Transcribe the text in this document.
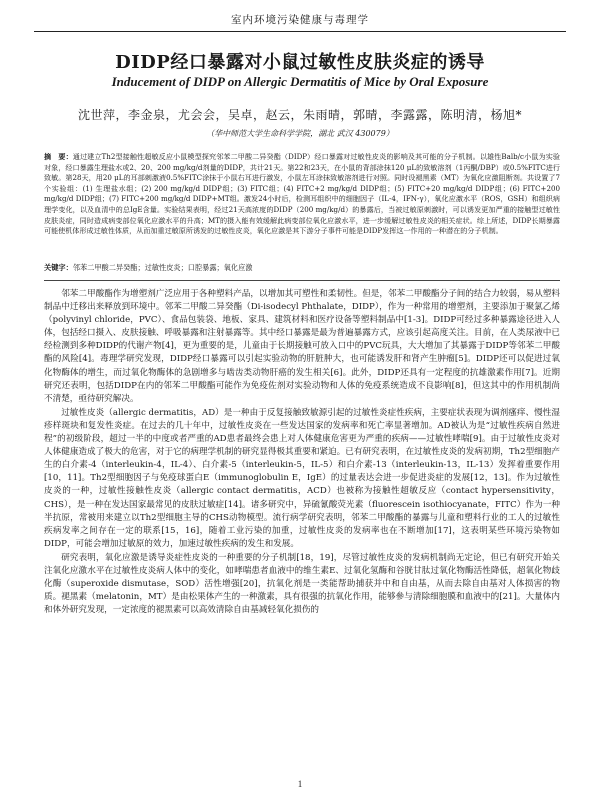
室内环境污染健康与毒理学
DIDP经口暴露对小鼠过敏性皮肤炎症的诱导
Inducement of DIDP on Allergic Dermatitis of Mice by Oral Exposure
沈世萍，李金泉，尤会会，吴卓，赵云，朱雨晴，郭晴，李露露，陈明清，杨旭*
（华中师范大学生命科学学院，湖北 武汉 430079）

摘　要：通过建立Th2型接触性超敏反应小鼠模型探究邻苯二甲酸二异癸酯（DIDP）经口暴露对过敏性皮炎的影响及其可能的分子机制。以雄性Balb/c小鼠为实验对象，经口暴露生理盐水或2、20、200 mg/kg/d剂量的DIDP，共计21天。第22和23天，在小鼠的背部涂抹120 μL的致敏溶剂（1丙酮/DBP）或0.5%FITC进行致敏。第28天，用20 μL的耳部刺激液0.5%FITC涂抹于小鼠右耳进行激发，小鼠左耳涂抹致敏溶剂进行对照。同时设褪黑素（MT）为氧化应激阻断剂。共设置了7个实验组：(1) 生理盐水组；(2) 200 mg/kg/d DIDP组；(3) FITC组；(4) FITC+2 mg/kg/d DIDP组；(5) FITC+20 mg/kg/d DIDP组；(6) FITC+200 mg/kg/d DIDP组；(7) FITC+200 mg/kg/d DIDP+MT组。激发24小时后，检测耳组织中的细胞因子（IL-4，IFN-γ），氧化应激水平（ROS，GSH）和组织病理学变化，以及血清中的总IgE含量。实验结果表明，经过21天高浓度的DIDP（200 mg/kg/d）的暴露后，当被过敏原刺激时，可以诱发更加严重的接触型过敏性皮肤炎症，同时造成病变部位氧化应激水平的升高；MT的摄入能有效缓解此病变部位氧化应激水平，进一步缓解过敏性皮炎的相关症状。综上所述，DIDP长期暴露可能使机体形成过敏性体质，从而加重过敏原所诱发的过敏性皮炎，氧化应激是其下游分子事件可能是DIDP发挥这一作用的一种潜在的分子机制。

关键字：邻苯二甲酸二异癸酯；过敏性皮炎；口腔暴露；氧化应激

邻苯二甲酸酯作为增塑剂广泛应用于各种塑料产品，以增加其可塑性和柔韧性。但是，邻苯二甲酸酯分子间的结合力较弱，易从塑料制品中迁移出来释放到环境中。邻苯二甲酸二异癸酯（Di-isodecyl Phthalate，DIDP），作为一种常用的增塑剂，主要添加于聚氯乙烯（polyvinyl chloride，PVC）、食品包装袋、地板、家具、建筑材料和医疗设备等塑料制品中[1-3]。DIDP可经过多种暴露途径进入人体，包括经口摄入、皮肤接触、呼吸暴露和注射暴露等。其中经口暴露是最为普遍暴露方式，应该引起高度关注。目前，在人类尿液中已经检测到多种DIDP的代谢产物[4]，更为重要的是，儿童由于长期接触可放入口中的PVC玩具，大大增加了其暴露于DIDP等邻苯二甲酸酯的风险[4]。毒理学研究发现，DIDP经口暴露可以引起实验动物的肝脏肿大，也可能诱发肝和肾产生肿瘤[5]。DIDP还可以促进过氧化物酶体的增生，而过氧化物酶体的急剧增多与啮齿类动物肝癌的发生相关[6]。此外，DIDP还具有一定程度的抗雄激素作用[7]。近期研究还表明，包括DIDP在内的邻苯二甲酸酯可能作为免疫佐剂对实验动物和人体的免疫系统造成不良影响[8]，但这其中的作用机制尚不清楚，亟待研究解决。

过敏性皮炎（allergic dermatitis，AD）是一种由于反复接触致敏源引起的过敏性炎症性疾病，主要症状表现为调剂瘙痒、慢性湿疹样斑块和复发性炎症。在过去的几十年中，过敏性皮炎在一些发达国家的发病率和死亡率显著增加。AD被认为是“过敏性疾病自然进程”的初级阶段，超过一半的中度或者严重的AD患者最终会患上对人体健康危害更为严重的疾病——过敏性哮喘[9]。由于过敏性皮炎对人体健康造成了极大的危害，对于它的病理学机制的研究显得极其重要和紧迫。已有研究表明，在过敏性皮炎的发病初期，Th2型细胞产生的白介素-4（interleukin-4，IL-4）、白介素-5（interleukin-5，IL-5）和白介素-13（interleukin-13，IL-13）发挥着重要作用[10，11]。Th2型细胞因子与免疫球蛋白E（immunoglobulin E，IgE）的过量表达会进一步促进炎症的发展[12，13]。作为过敏性皮炎的一种，过敏性接触性皮炎（allergic contact dermatitis，ACD）也被称为接触性超敏反应（contact hypersensitivity，CHS），是一种在发达国家最常见的皮肤过敏症[14]。诸多研究中，异硫氰酸荧光素（fluorescein isothiocyanate，FITC）作为一种半抗原，常被用来建立以Th2型细胞主导的CHS动物模型。流行病学研究表明，邻苯二甲酸酯的暴露与儿童和塑料行业的工人的过敏性疾病发率之间存在一定的联系[15，16]，随着工业污染的加重，过敏性皮炎的发病率也在不断增加[17]，这表明某些环境污染物如DIDP，可能会增加过敏原的效力，加速过敏性疾病的发生和发展。

研究表明，氧化应激是诱导炎症性皮炎的一种重要的分子机制[18，19]，尽管过敏性皮炎的发病机制尚无定论，但已有研究开始关注氧化应激水平在过敏性皮炎病人体中的变化，如哮喘患者血液中的维生素E、过氧化氢酶和谷胱甘肽过氧化物酶活性降低，超氧化物歧化酶（superoxide dismutase，SOD）活性增强[20]，抗氧化剂是一类能帮助捕获并中和自由基，从而去除自由基对人体损害的物质。褪黑素（melatonin，MT）是由松果体产生的一种激素，具有很强的抗氧化作用，能够參与清除细胞膜和血液中的[21]。大量体内和体外研究发现，一定浓度的褪黑素可以高效清除自由基减轻氧化损伤的

1
